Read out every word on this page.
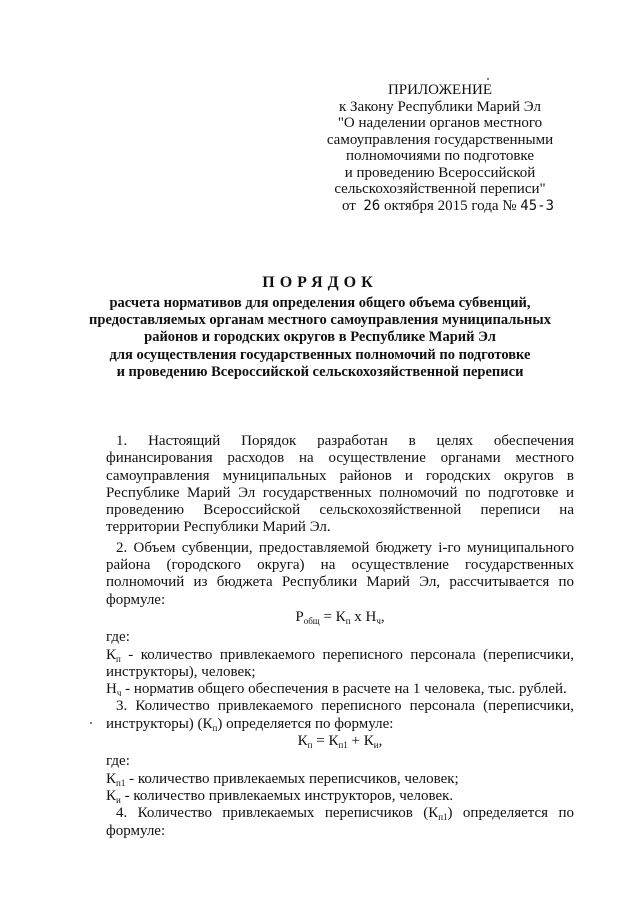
ПРИЛОЖЕНИЕ
к Закону Республики Марий Эл
"О наделении органов местного
самоуправления государственными
полномочиями по подготовке
и проведению Всероссийской
сельскохозяйственной переписи"
от 26 октября 2015 года № 45-З
ПОРЯДОК
расчета нормативов для определения общего объема субвенций,
предоставляемых органам местного самоуправления муниципальных
районов и городских округов в Республике Марий Эл
для осуществления государственных полномочий по подготовке
и проведению Всероссийской сельскохозяйственной переписи

1. Настоящий Порядок разработан в целях обеспечения финансирования расходов на осуществление органами местного самоуправления муниципальных районов и городских округов в Республике Марий Эл государственных полномочий по подготовке и проведению Всероссийской сельскохозяйственной переписи на территории Республики Марий Эл.

2. Объем субвенции, предоставляемой бюджету i-го муниципального района (городского округа) на осуществление государственных полномочий из бюджета Республики Марий Эл, рассчитывается по формуле:

$Р_{общ} = К_п$ х $Н_ч$,

где:

$К_п$ - количество привлекаемого переписного персонала (переписчики, инструкторы), человек;

$Н_ч$ - норматив общего обеспечения в расчете на 1 человека, тыс. рублей.

3. Количество привлекаемого переписного персонала (переписчики, инструкторы) $(К_п)$ определяется по формуле:

$К_п = К_{п1} + К_и$,

где:

$К_{п1}$ - количество привлекаемых переписчиков, человек;

$К_и$ - количество привлекаемых инструкторов, человек.

4. Количество привлекаемых переписчиков $(К_{п1})$ определяется по формуле:
